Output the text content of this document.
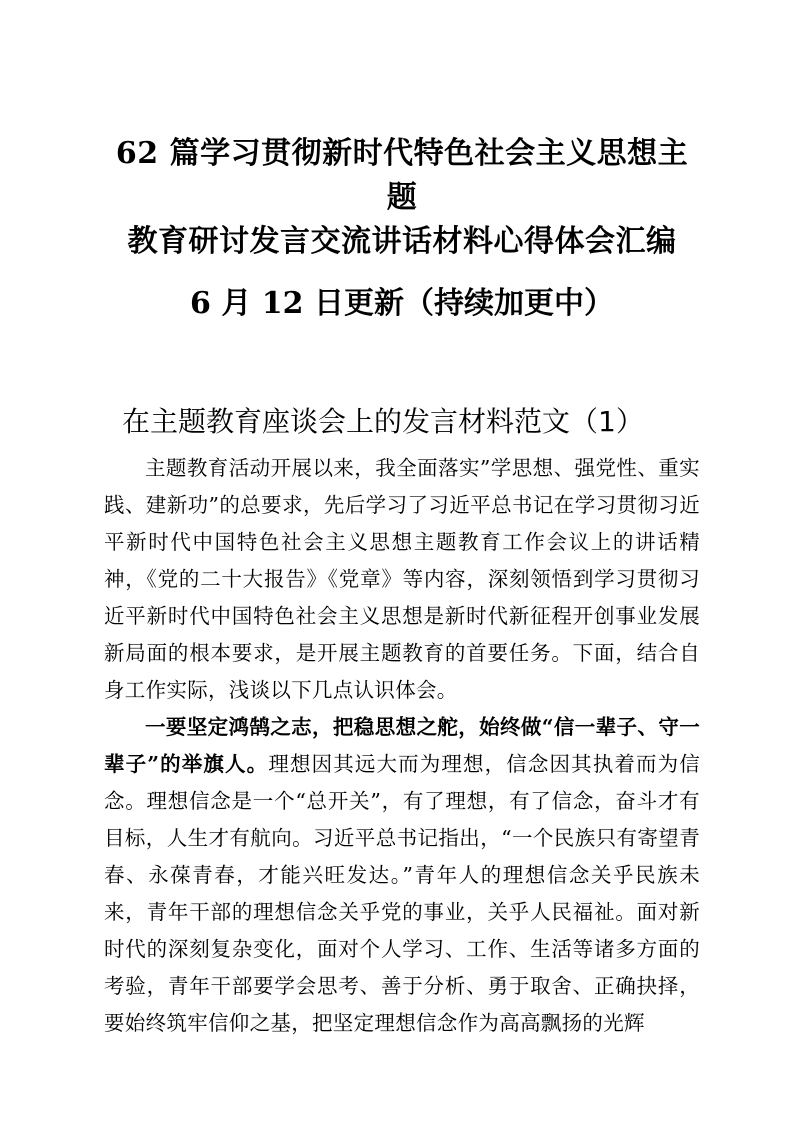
62 篇学习贯彻新时代特色社会主义思想主题
教育研讨发言交流讲话材料心得体会汇编
6 月 12 日更新（持续加更中）
在主题教育座谈会上的发言材料范文（1）

主题教育活动开展以来，我全面落实”学思想、强党性、重实践、建新功”的总要求，先后学习了习近平总书记在学习贯彻习近平新时代中国特色社会主义思想主题教育工作会议上的讲话精神，《党的二十大报告》《党章》等内容，深刻领悟到学习贯彻习近平新时代中国特色社会主义思想是新时代新征程开创事业发展新局面的根本要求，是开展主题教育的首要任务。下面，结合自身工作实际，浅谈以下几点认识体会。

一要坚定鸿鹄之志，把稳思想之舵，始终做“信一辈子、守一辈子”的举旗人。理想因其远大而为理想，信念因其执着而为信念。理想信念是一个“总开关”，有了理想，有了信念，奋斗才有目标，人生才有航向。习近平总书记指出，“一个民族只有寄望青春、永葆青春，才能兴旺发达。”青年人的理想信念关乎民族未来，青年干部的理想信念关乎党的事业，关乎人民福祉。面对新时代的深刻复杂变化，面对个人学习、工作、生活等诸多方面的考验，青年干部要学会思考、善于分析、勇于取舍、正确抉择，要始终筑牢信仰之基，把坚定理想信念作为高高飘扬的光辉
